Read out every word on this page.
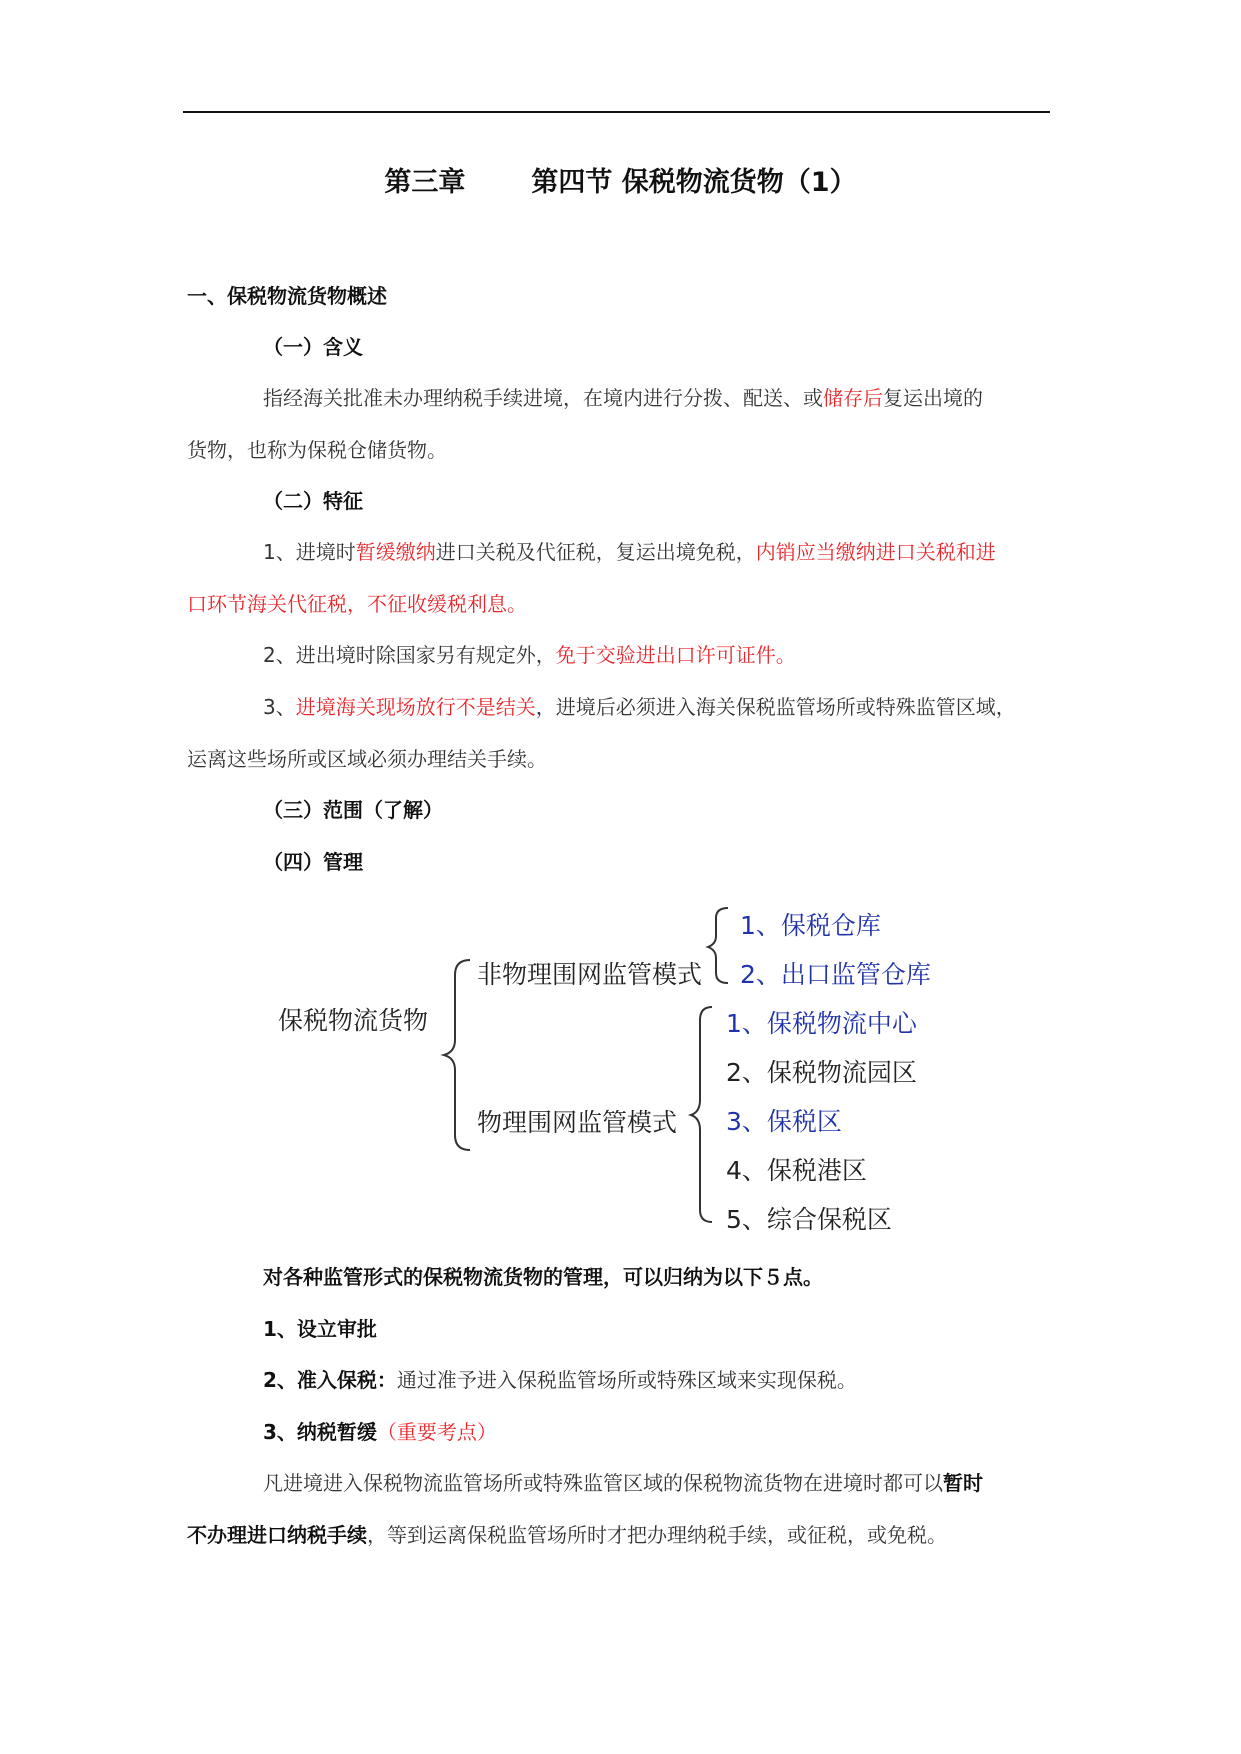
第三章 第四节 保税物流货物（1）
一、保税物流货物概述
（一）含义
指经海关批准未办理纳税手续进境，在境内进行分拨、配送、或储存后复运出境的
货物，也称为保税仓储货物。
（二）特征
1、进境时暂缓缴纳进口关税及代征税，复运出境免税，内销应当缴纳进口关税和进
口环节海关代征税，不征收缓税利息。
2、进出境时除国家另有规定外，免于交验进出口许可证件。
3、进境海关现场放行不是结关，进境后必须进入海关保税监管场所或特殊监管区域，
运离这些场所或区域必须办理结关手续。
（三）范围（了解）
（四）管理
保税物流货物
非物理围网监管模式
物理围网监管模式
1、保税仓库
2、出口监管仓库
1、保税物流中心
2、保税物流园区
3、保税区
4、保税港区
5、综合保税区
对各种监管形式的保税物流货物的管理，可以归纳为以下５点。
1、设立审批
2、准入保税：通过准予进入保税监管场所或特殊区域来实现保税。
3、纳税暂缓（重要考点）
凡进境进入保税物流监管场所或特殊监管区域的保税物流货物在进境时都可以暂时
不办理进口纳税手续，等到运离保税监管场所时才把办理纳税手续，或征税，或免税。
